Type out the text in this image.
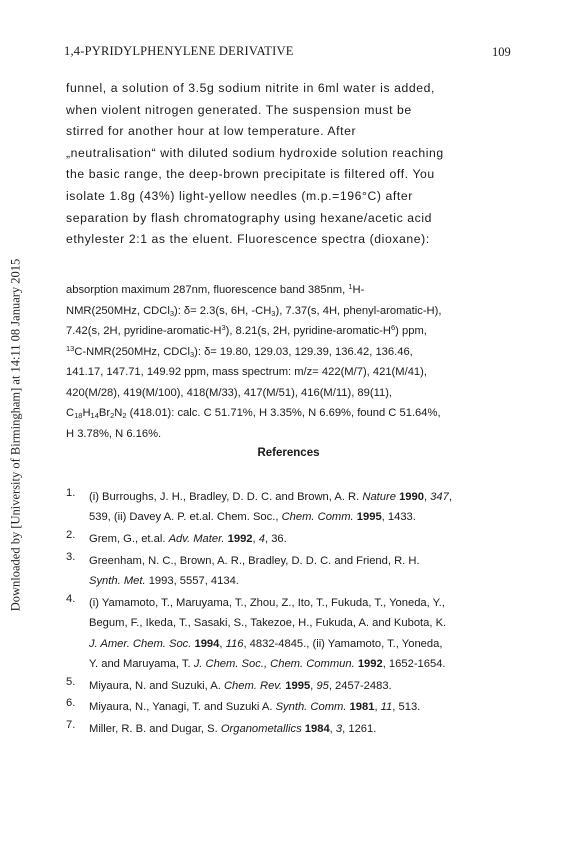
1,4-PYRIDYLPHENYLENE DERIVATIVE	109
Downloaded by [University of Birmingham] at 14:11 08 January 2015
funnel, a solution of 3.5g sodium nitrite in 6ml water is added,
when violent nitrogen generated. The suspension must be
stirred for another hour at low temperature. After
„neutralisation“ with diluted sodium hydroxide solution reaching
the basic range, the deep-brown precipitate is filtered off. You
isolate 1.8g (43%) light-yellow needles (m.p.=196°C) after
separation by flash chromatography using hexane/acetic acid
ethylester 2:1 as the eluent. Fluorescence spectra (dioxane):
absorption maximum 287nm, fluorescence band 385nm, $^1$H-
NMR(250MHz, CDCl$_3$): δ= 2.3(s, 6H, $-CH_3$), 7.37(s, 4H, phenyl-aromatic-H),
7.42(s, 2H, pyridine-$aromatic-H^3$), 8.21(s, 2H, pyridine-$aromatic-H^6$) ppm,
$^{13}$C-NMR(250MHz, CDCl$_3$): δ= 19.80, 129.03, 129.39, 136.42, 136.46,
141.17, 147.71, 149.92 ppm, mass spectrum: m/z= 422(M/7), 421(M/41),
420(M/28), 419(M/100), 418(M/33), 417(M/51), 416(M/11), 89(11),
$C_{18}H_{14}Br_2N_2$ (418.01): calc. C 51.71%, H 3.35%, N 6.69%, found C 51.64%,
H 3.78%, N 6.16%.
References
1. (i) Burroughs, J. H., Bradley, D. D. C. and Brown, A. R. Nature 1990, 347,
539, (ii) Davey A. P. et.al. Chem. Soc., Chem. Comm. 1995, 1433.
2. Grem, G., et.al. Adv. Mater. 1992, 4, 36.
3. Greenham, N. C., Brown, A. R., Bradley, D. D. C. and Friend, R. H.
Synth. Met. 1993, 5557, 4134.
4. (i) Yamamoto, T., Maruyama, T., Zhou, Z., Ito, T., Fukuda, T., Yoneda, Y.,
Begum, F., Ikeda, T., Sasaki, S., Takezoe, H., Fukuda, A. and Kubota, K.
J. Amer. Chem. Soc. 1994, 116, 4832-4845., (ii) Yamamoto, T., Yoneda,
Y. and Maruyama, T. J. Chem. Soc., Chem. Commun. 1992, 1652-1654.
5. Miyaura, N. and Suzuki, A. Chem. Rev. 1995, 95, 2457-2483.
6. Miyaura, N., Yanagi, T. and Suzuki A. Synth. Comm. 1981, 11, 513.
7. Miller, R. B. and Dugar, S. Organometallics 1984, 3, 1261.
